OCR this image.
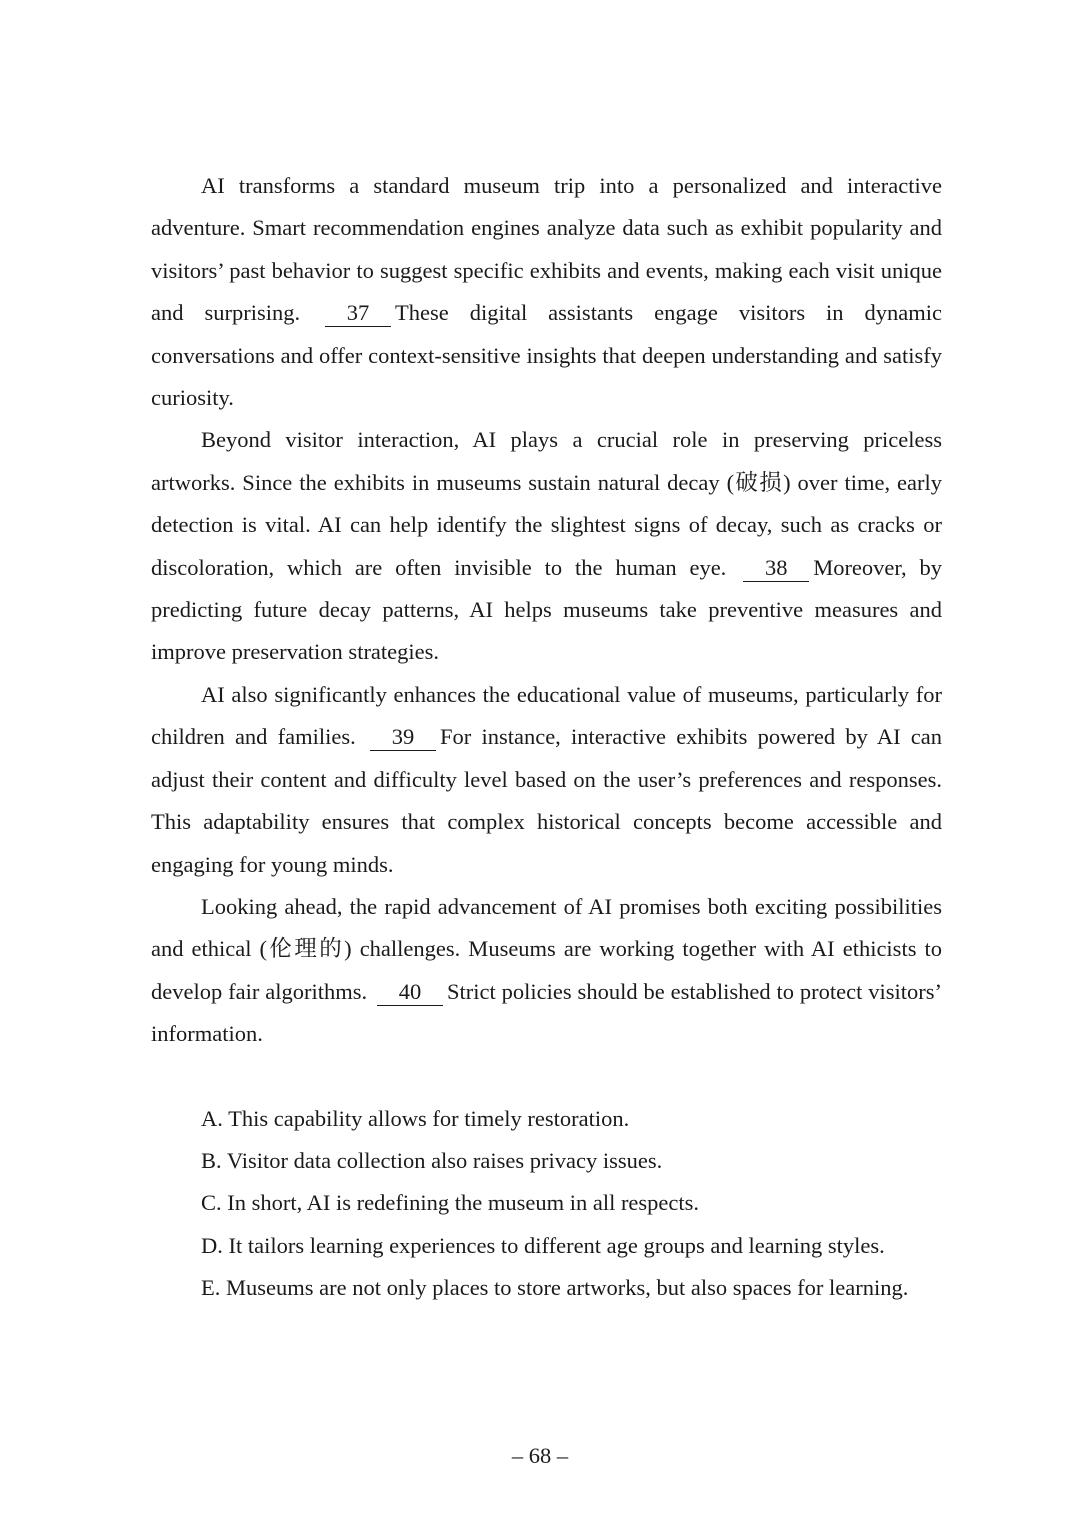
AI transforms a standard museum trip into a personalized and interactive adventure. Smart recommendation engines analyze data such as exhibit popularity and visitors’ past behavior to suggest specific exhibits and events, making each visit unique and surprising. 37 These digital assistants engage visitors in dynamic conversations and offer context-sensitive insights that deepen understanding and satisfy curiosity.

Beyond visitor interaction, AI plays a crucial role in preserving priceless artworks. Since the exhibits in museums sustain natural decay (破损) over time, early detection is vital. AI can help identify the slightest signs of decay, such as cracks or discoloration, which are often invisible to the human eye. 38 Moreover, by predicting future decay patterns, AI helps museums take preventive measures and improve preservation strategies.

AI also significantly enhances the educational value of museums, particularly for children and families. 39 For instance, interactive exhibits powered by AI can adjust their content and difficulty level based on the user’s preferences and responses. This adaptability ensures that complex historical concepts become accessible and engaging for young minds.

Looking ahead, the rapid advancement of AI promises both exciting possibilities and ethical (伦理的) challenges. Museums are working together with AI ethicists to develop fair algorithms. 40 Strict policies should be established to protect visitors’ information.

A. This capability allows for timely restoration.

B. Visitor data collection also raises privacy issues.

C. In short, AI is redefining the museum in all respects.

D. It tailors learning experiences to different age groups and learning styles.

E. Museums are not only places to store artworks, but also spaces for learning.

– 68 –
